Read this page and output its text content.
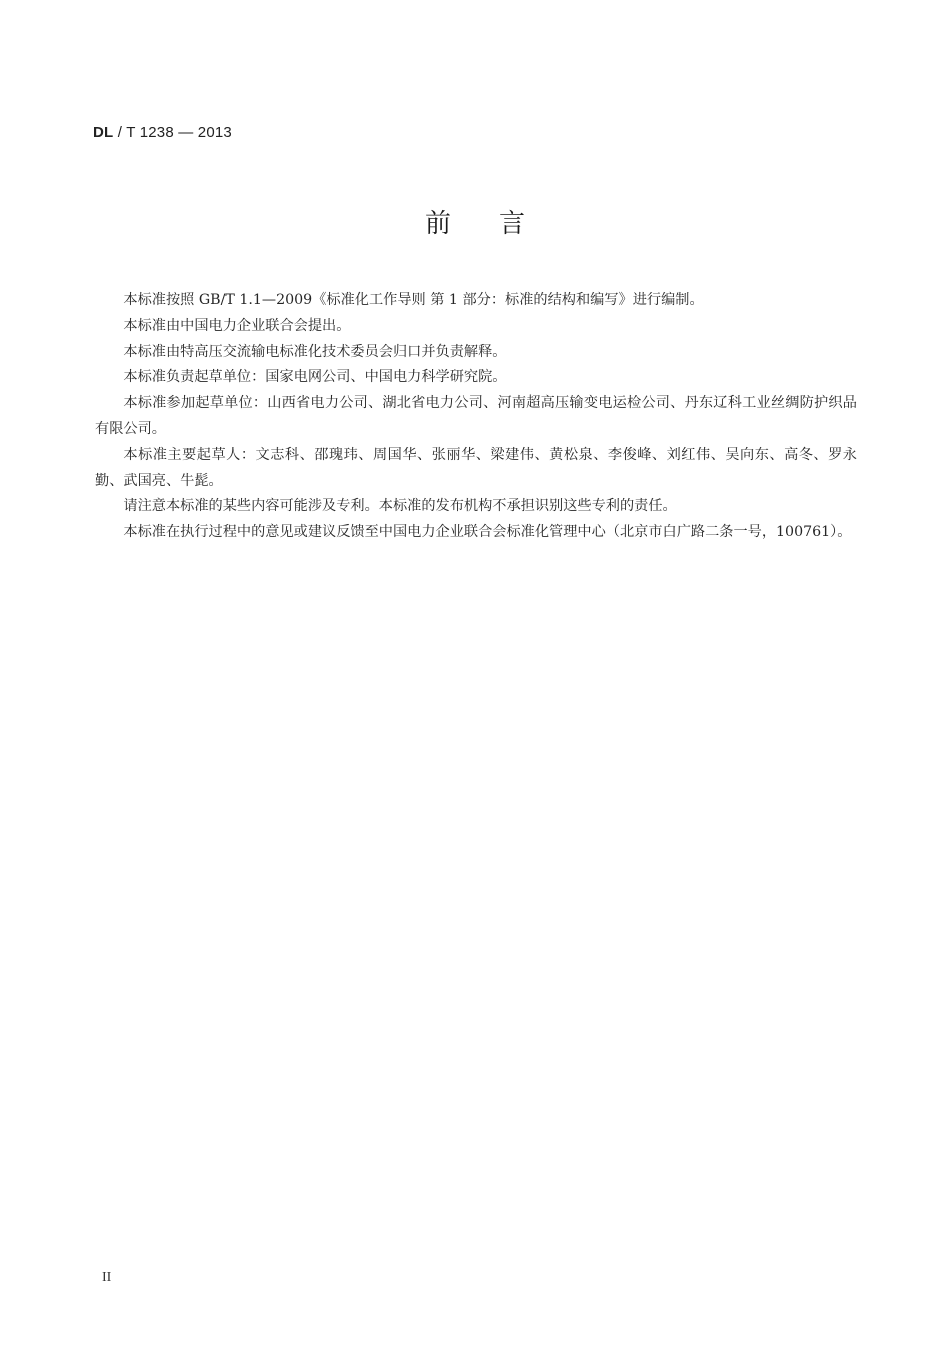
DL / T 1238 — 2013
前言

本标准按照 GB/T 1.1—2009《标准化工作导则 第 1 部分：标准的结构和编写》进行编制。

本标准由中国电力企业联合会提出。

本标准由特高压交流输电标准化技术委员会归口并负责解释。

本标准负责起草单位：国家电网公司、中国电力科学研究院。

本标准参加起草单位：山西省电力公司、湖北省电力公司、河南超高压输变电运检公司、丹东辽科工业丝绸防护织品有限公司。

本标准主要起草人：文志科、邵瑰玮、周国华、张丽华、梁建伟、黄松泉、李俊峰、刘红伟、吴向东、高冬、罗永勤、武国亮、牛髭。

请注意本标准的某些内容可能涉及专利。本标准的发布机构不承担识别这些专利的责任。

本标准在执行过程中的意见或建议反馈至中国电力企业联合会标准化管理中心（北京市白广路二条一号，100761）。

II
